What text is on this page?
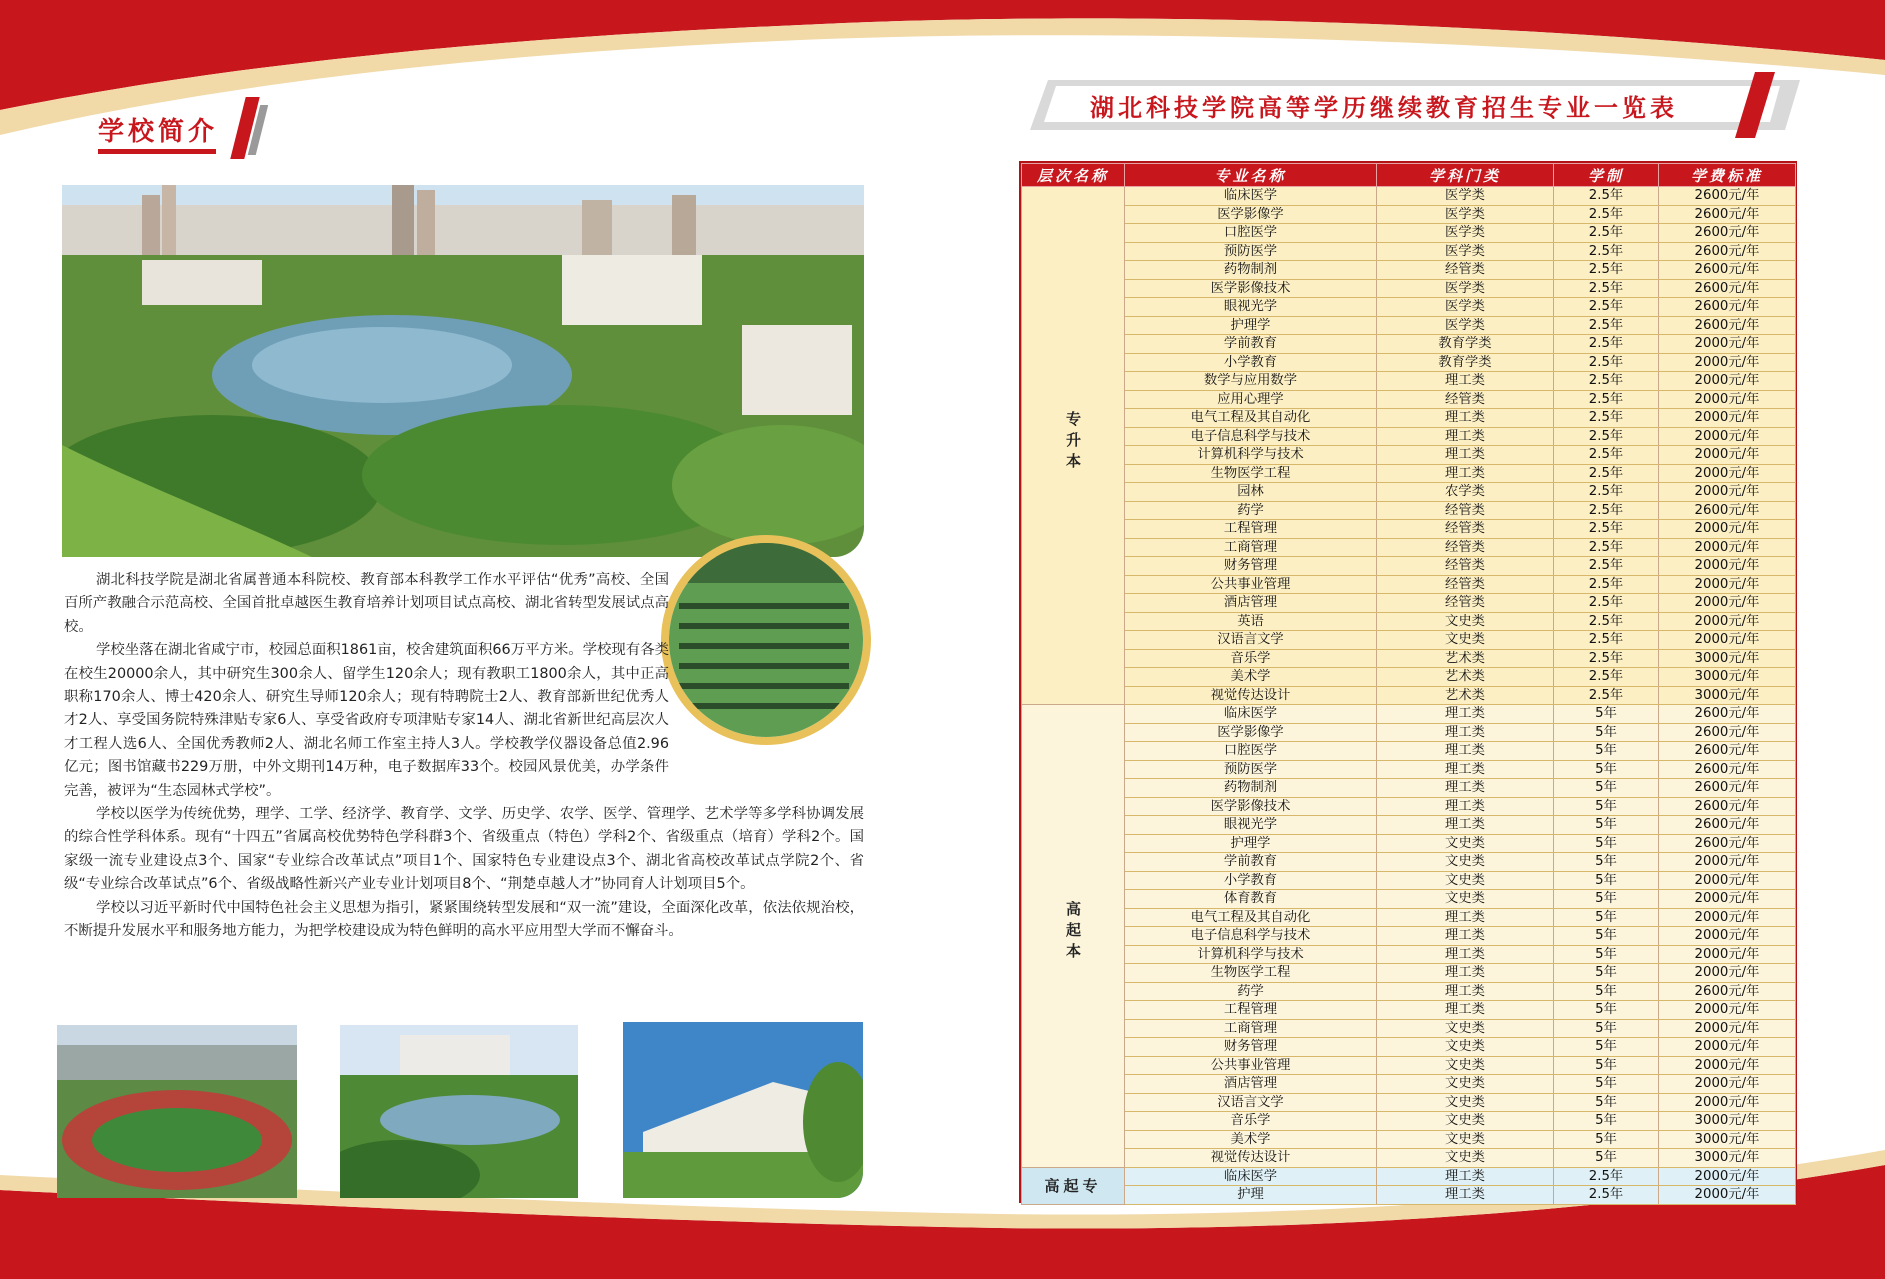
学校简介

湖北科技学院是湖北省属普通本科院校、教育部本科教学工作水平评估“优秀”高校、全国百所产教融合示范高校、全国首批卓越医生教育培养计划项目试点高校、湖北省转型发展试点高校。

学校坐落在湖北省咸宁市，校园总面积1861亩，校舍建筑面积66万平方米。学校现有各类在校生20000余人，其中研究生300余人、留学生120余人；现有教职工1800余人，其中正高职称170余人、博士420余人、研究生导师120余人；现有特聘院士2人、教育部新世纪优秀人才2人、享受国务院特殊津贴专家6人、享受省政府专项津贴专家14人、湖北省新世纪高层次人才工程人选6人、全国优秀教师2人、湖北名师工作室主持人3人。学校教学仪器设备总值2.96亿元；图书馆藏书229万册，中外文期刊14万种，电子数据库33个。校园风景优美，办学条件完善，被评为“生态园林式学校”。

学校以医学为传统优势，理学、工学、经济学、教育学、文学、历史学、农学、医学、管理学、艺术学等多学科协调发展的综合性学科体系。现有“十四五”省属高校优势特色学科群3个、省级重点（特色）学科2个、省级重点（培育）学科2个。国家级一流专业建设点3个、国家“专业综合改革试点”项目1个、国家特色专业建设点3个、湖北省高校改革试点学院2个、省级“专业综合改革试点”6个、省级战略性新兴产业专业计划项目8个、“荆楚卓越人才”协同育人计划项目5个。

学校以习近平新时代中国特色社会主义思想为指引，紧紧围绕转型发展和“双一流”建设，全面深化改革，依法依规治校，不断提升发展水平和服务地方能力，为把学校建设成为特色鲜明的高水平应用型大学而不懈奋斗。

湖北科技学院高等学历继续教育招生专业一览表
层次名称	专业名称	学科门类	学制	学费标准
专升本	临床医学	医学类	2.5年	2600元/年
	医学影像学	医学类	2.5年	2600元/年
	口腔医学	医学类	2.5年	2600元/年
	预防医学	医学类	2.5年	2600元/年
	药物制剂	经管类	2.5年	2600元/年
	医学影像技术	医学类	2.5年	2600元/年
	眼视光学	医学类	2.5年	2600元/年
	护理学	医学类	2.5年	2600元/年
	学前教育	教育学类	2.5年	2000元/年
	小学教育	教育学类	2.5年	2000元/年
	数学与应用数学	理工类	2.5年	2000元/年
	应用心理学	经管类	2.5年	2000元/年
	电气工程及其自动化	理工类	2.5年	2000元/年
	电子信息科学与技术	理工类	2.5年	2000元/年
	计算机科学与技术	理工类	2.5年	2000元/年
	生物医学工程	理工类	2.5年	2000元/年
	园林	农学类	2.5年	2000元/年
	药学	经管类	2.5年	2600元/年
	工程管理	经管类	2.5年	2000元/年
	工商管理	经管类	2.5年	2000元/年
	财务管理	经管类	2.5年	2000元/年
	公共事业管理	经管类	2.5年	2000元/年
	酒店管理	经管类	2.5年	2000元/年
	英语	文史类	2.5年	2000元/年
	汉语言文学	文史类	2.5年	2000元/年
	音乐学	艺术类	2.5年	3000元/年
	美术学	艺术类	2.5年	3000元/年
	视觉传达设计	艺术类	2.5年	3000元/年
高起本	临床医学	理工类	5年	2600元/年
	医学影像学	理工类	5年	2600元/年
	口腔医学	理工类	5年	2600元/年
	预防医学	理工类	5年	2600元/年
	药物制剂	理工类	5年	2600元/年
	医学影像技术	理工类	5年	2600元/年
	眼视光学	理工类	5年	2600元/年
	护理学	文史类	5年	2600元/年
	学前教育	文史类	5年	2000元/年
	小学教育	文史类	5年	2000元/年
	体育教育	文史类	5年	2000元/年
	电气工程及其自动化	理工类	5年	2000元/年
	电子信息科学与技术	理工类	5年	2000元/年
	计算机科学与技术	理工类	5年	2000元/年
	生物医学工程	理工类	5年	2000元/年
	药学	理工类	5年	2600元/年
	工程管理	理工类	5年	2000元/年
	工商管理	文史类	5年	2000元/年
	财务管理	文史类	5年	2000元/年
	公共事业管理	文史类	5年	2000元/年
	酒店管理	文史类	5年	2000元/年
	汉语言文学	文史类	5年	2000元/年
	音乐学	文史类	5年	3000元/年
	美术学	文史类	5年	3000元/年
	视觉传达设计	文史类	5年	3000元/年
高起专	临床医学	理工类	2.5年	2000元/年
	护理	理工类	2.5年	2000元/年
